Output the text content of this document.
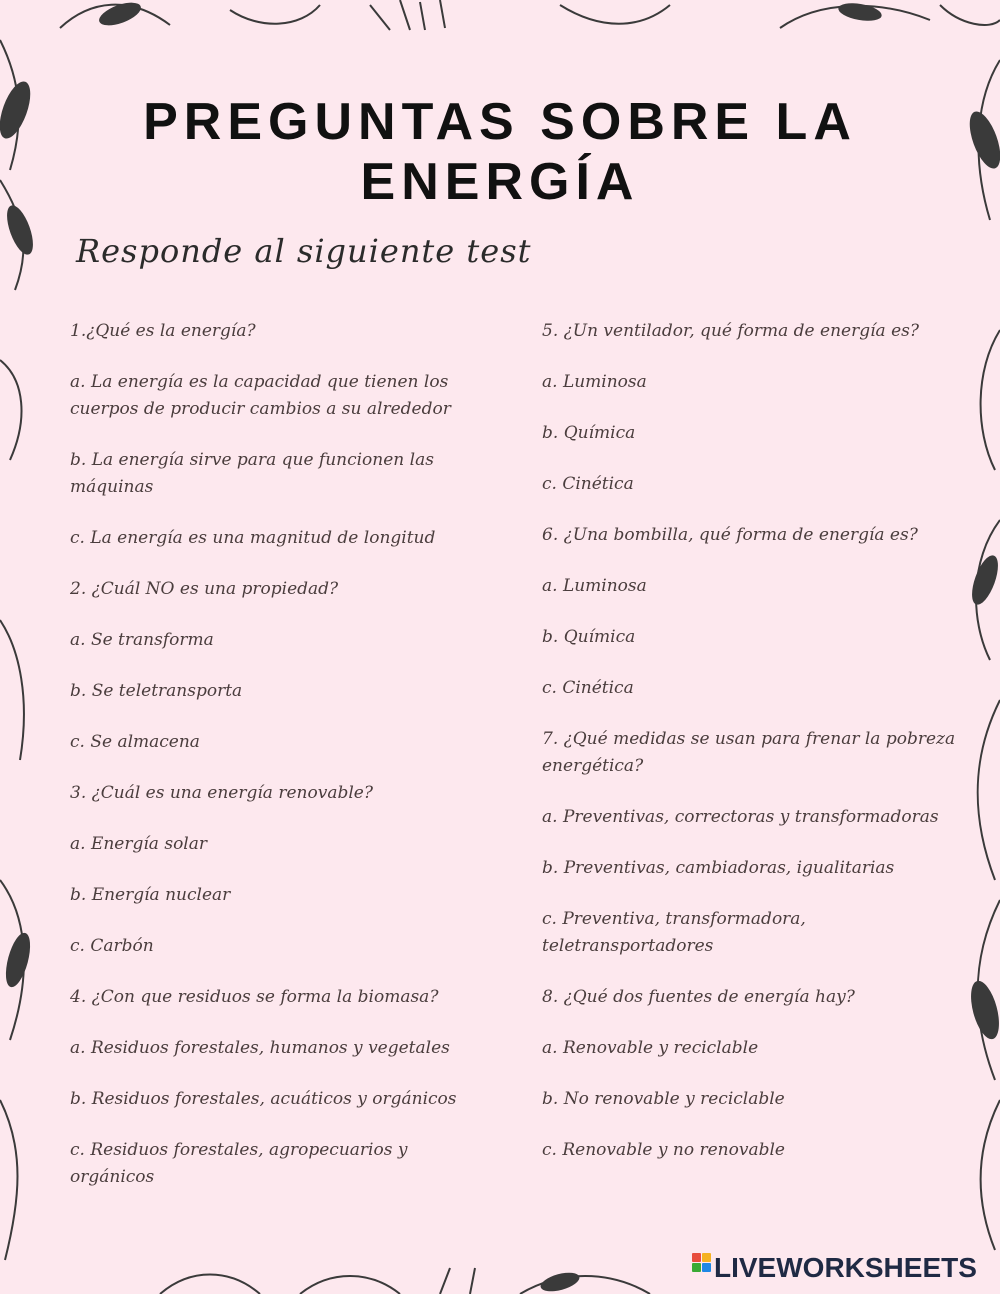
PREGUNTAS SOBRE LA ENERGÍA
Responde al siguiente test

1.¿Qué es la energía?

a. La energía es la capacidad que tienen los cuerpos de producir cambios a su alrededor

b. La energía sirve para que funcionen las máquinas

c. La energía es una magnitud de longitud

2. ¿Cuál NO es una propiedad?

a. Se transforma

b. Se teletransporta

c. Se almacena

3. ¿Cuál es una energía renovable?

a. Energía solar

b. Energía nuclear

c. Carbón

4. ¿Con que residuos se forma la biomasa?

a. Residuos forestales, humanos y vegetales

b. Residuos forestales, acuáticos y orgánicos

c. Residuos forestales, agropecuarios y orgánicos

5. ¿Un ventilador, qué forma de energía es?

a. Luminosa

b. Química

c. Cinética

6. ¿Una bombilla, qué forma de energía es?

a. Luminosa

b. Química

c. Cinética

7. ¿Qué medidas se usan para frenar la pobreza energética?

a. Preventivas, correctoras y transformadoras

b. Preventivas, cambiadoras, igualitarias

c. Preventiva, transformadora, teletransportadores

8. ¿Qué dos fuentes de energía hay?

a. Renovable y reciclable

b. No renovable y reciclable

c. Renovable y no renovable

LIVEWORKSHEETS
